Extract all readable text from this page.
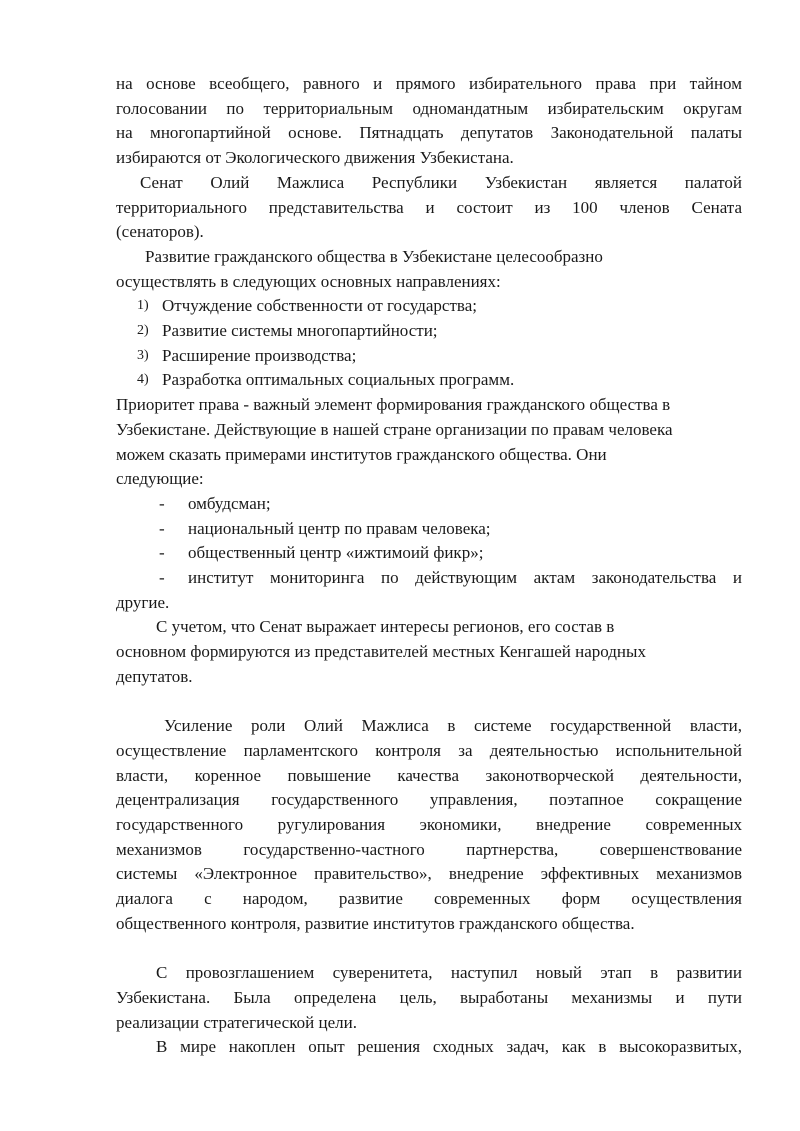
на основе всеобщего, равного и прямого избирательного права при тайном

голосовании по территориальным одномандатным избирательским округам

на многопартийной основе. Пятнадцать депутатов Законодательной палаты

избираются от Экологического движения Узбекистана.

Сенат Олий Мажлиса Республики Узбекистан является палатой

территориального представительства и состоит из 100 членов Сената

(сенаторов).

Развитие гражданского общества в Узбекистане целесообразно

осуществлять в следующих основных направлениях:

1) Отчуждение собственности от государства;
2) Развитие системы многопартийности;
3) Расширение производства;
4) Разработка оптимальных социальных программ.

Приоритет права - важный элемент формирования гражданского общества в

Узбекистане. Действующие в нашей стране организации по правам человека

можем сказать примерами институтов гражданского общества. Они

следующие:

-	омбудсман;
-	национальный центр по правам человека;
-	общественный центр «ижтимоий фикр»;
-	институт мониторинга по действующим актам законодательства и

другие.

С учетом, что Сенат выражает интересы регионов, его состав в

основном формируются из представителей местных Кенгашей народных

депутатов.

Усиление роли Олий Мажлиса в системе государственной власти,

осуществление парламентского контроля за деятельностью испольнительной

власти, коренное повышение качества законотворческой деятельности,

децентрализация государственного управления, поэтапное сокращение

государственного ругулирования экономики, внедрение современных

механизмов государственно-частного партнерства, совершенствование

системы «Электронное правительство», внедрение эффективных механизмов

диалога с народом, развитие современных форм осуществления

общественного контроля, развитие институтов гражданского общества.

С провозглашением суверенитета, наступил новый этап в развитии

Узбекистана. Была определена цель, выработаны механизмы и пути

реализации стратегической цели.

В мире накоплен опыт решения сходных задач, как в высокоразвитых,
